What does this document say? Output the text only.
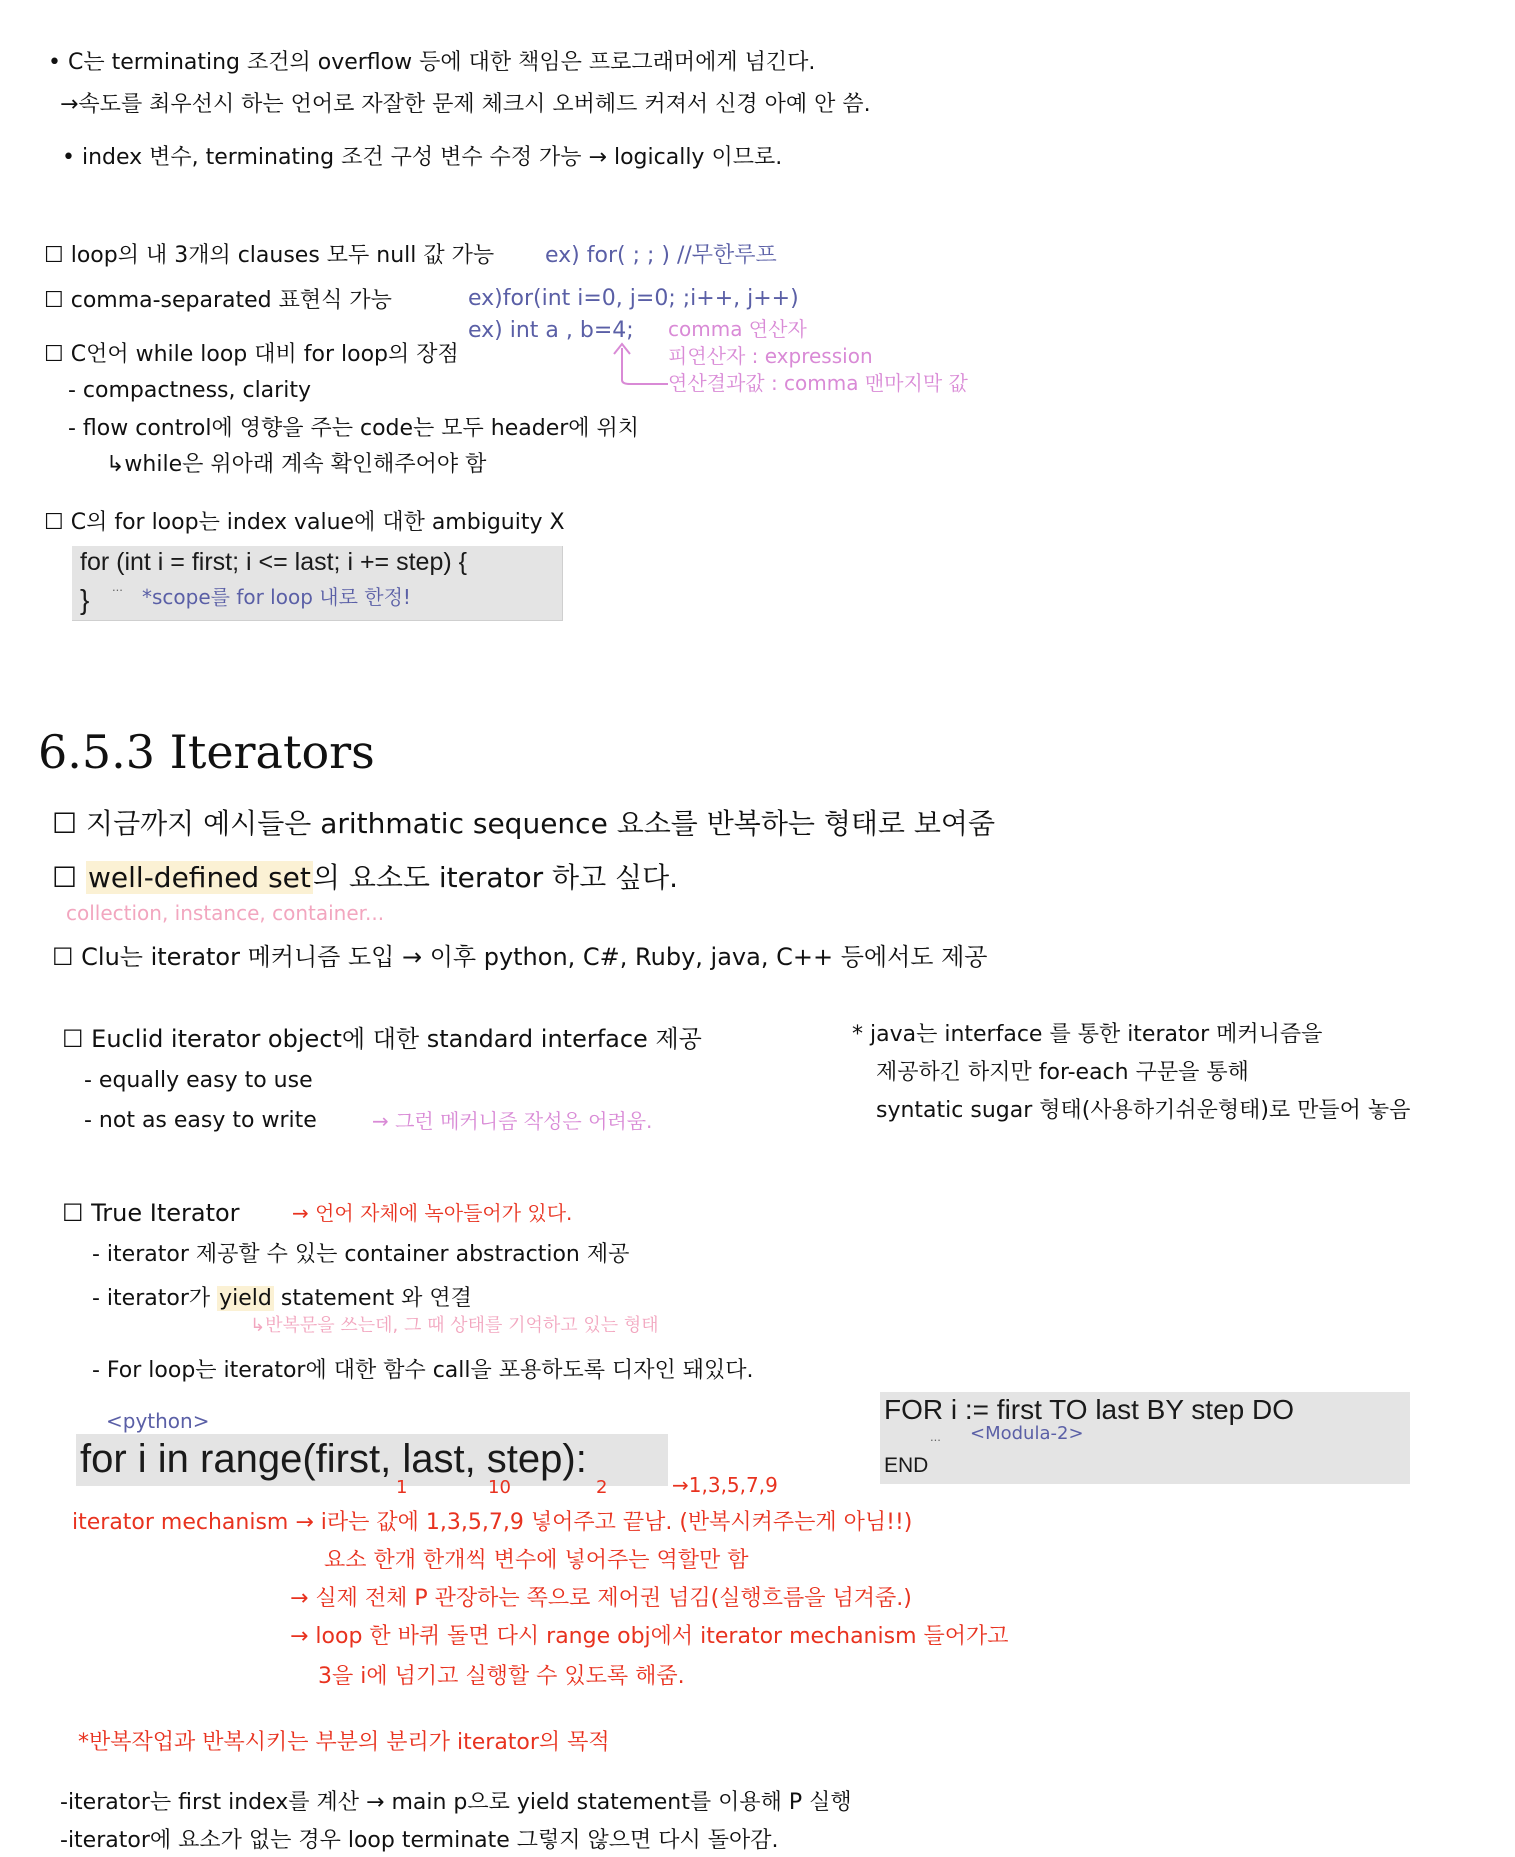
• C는 terminating 조건의 overflow 등에 대한 책임은 프로그래머에게 넘긴다.
→속도를 최우선시 하는 언어로 자잘한 문제 체크시 오버헤드 커져서 신경 아예 안 씀.
• index 변수, terminating 조건 구성 변수 수정 가능 → logically 이므로.
☐ loop의 내 3개의 clauses 모두 null 값 가능 ex) for( ; ; ) //무한루프
☐ comma-separated 표현식 가능	ex)for(int i=0, j=0; ;i++, j++)
ex) int a , b=4; comma 연산자
피연산자 : expression
연산결과값 : comma 맨마지막 값
☐ C언어 while loop 대비 for loop의 장점
- compactness, clarity
- flow control에 영향을 주는 code는 모두 header에 위치
↳while은 위아래 계속 확인해주어야 함
☐ C의 for loop는 index value에 대한 ambiguity X
for (int i = first; i <= last; i += step) {
} ... *scope를 for loop 내로 한정!
6.5.3 Iterators
☐ 지금까지 예시들은 arithmatic sequence 요소를 반복하는 형태로 보여줌
☐ well-defined set의 요소도 iterator 하고 싶다.
collection, instance, container...
☐ Clu는 iterator 메커니즘 도입 → 이후 python, C#, Ruby, java, C++ 등에서도 제공
☐ Euclid iterator object에 대한 standard interface 제공
- equally easy to use
- not as easy to write	→ 그런 메커니즘 작성은 어려움.
* java는 interface 를 통한 iterator 메커니즘을
제공하긴 하지만 for-each 구문을 통해
syntatic sugar 형태(사용하기쉬운형태)로 만들어 놓음
☐ True Iterator	→ 언어 자체에 녹아들어가 있다.
- iterator 제공할 수 있는 container abstraction 제공
- iterator가 yield statement 와 연결
↳반복문을 쓰는데, 그 때 상태를 기억하고 있는 형태
- For loop는 iterator에 대한 함수 call을 포용하도록 디자인 돼있다.
<python>
for i in range(first, last, step):
1	10	2	→1,3,5,7,9
FOR i := first TO last BY step DO
... <Modula-2>
END
iterator mechanism → i라는 값에 1,3,5,7,9 넣어주고 끝남. (반복시켜주는게 아님!!)
요소 한개 한개씩 변수에 넣어주는 역할만 함
→ 실제 전체 P 관장하는 쪽으로 제어권 넘김(실행흐름을 넘겨줌.)
→ loop 한 바퀴 돌면 다시 range obj에서 iterator mechanism 들어가고
3을 i에 넘기고 실행할 수 있도록 해줌.
*반복작업과 반복시키는 부분의 분리가 iterator의 목적
-iterator는 first index를 계산 → main p으로 yield statement를 이용해 P 실행
-iterator에 요소가 없는 경우 loop terminate 그렇지 않으면 다시 돌아감.
